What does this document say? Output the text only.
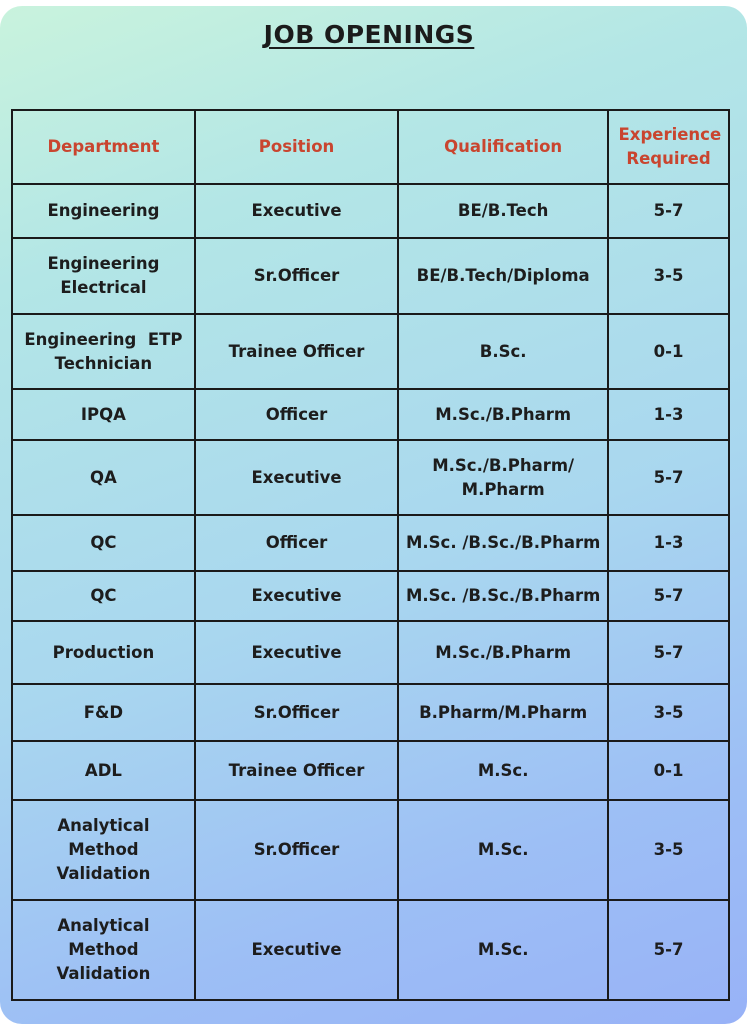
JOB OPENINGS
Department	Position	Qualification	Experience Required
Engineering	Executive	BE/B.Tech	5-7
Engineering Electrical	Sr.Officer	BE/B.Tech/Diploma	3-5
Engineering  ETP Technician	Trainee Officer	B.Sc.	0-1
IPQA	Officer	M.Sc./B.Pharm	1-3
QA	Executive	M.Sc./B.Pharm/ M.Pharm	5-7
QC	Officer	M.Sc. /B.Sc./B.Pharm	1-3
QC	Executive	M.Sc. /B.Sc./B.Pharm	5-7
Production	Executive	M.Sc./B.Pharm	5-7
F&D	Sr.Officer	B.Pharm/M.Pharm	3-5
ADL	Trainee Officer	M.Sc.	0-1
Analytical Method Validation	Sr.Officer	M.Sc.	3-5
Analytical Method Validation	Executive	M.Sc.	5-7
